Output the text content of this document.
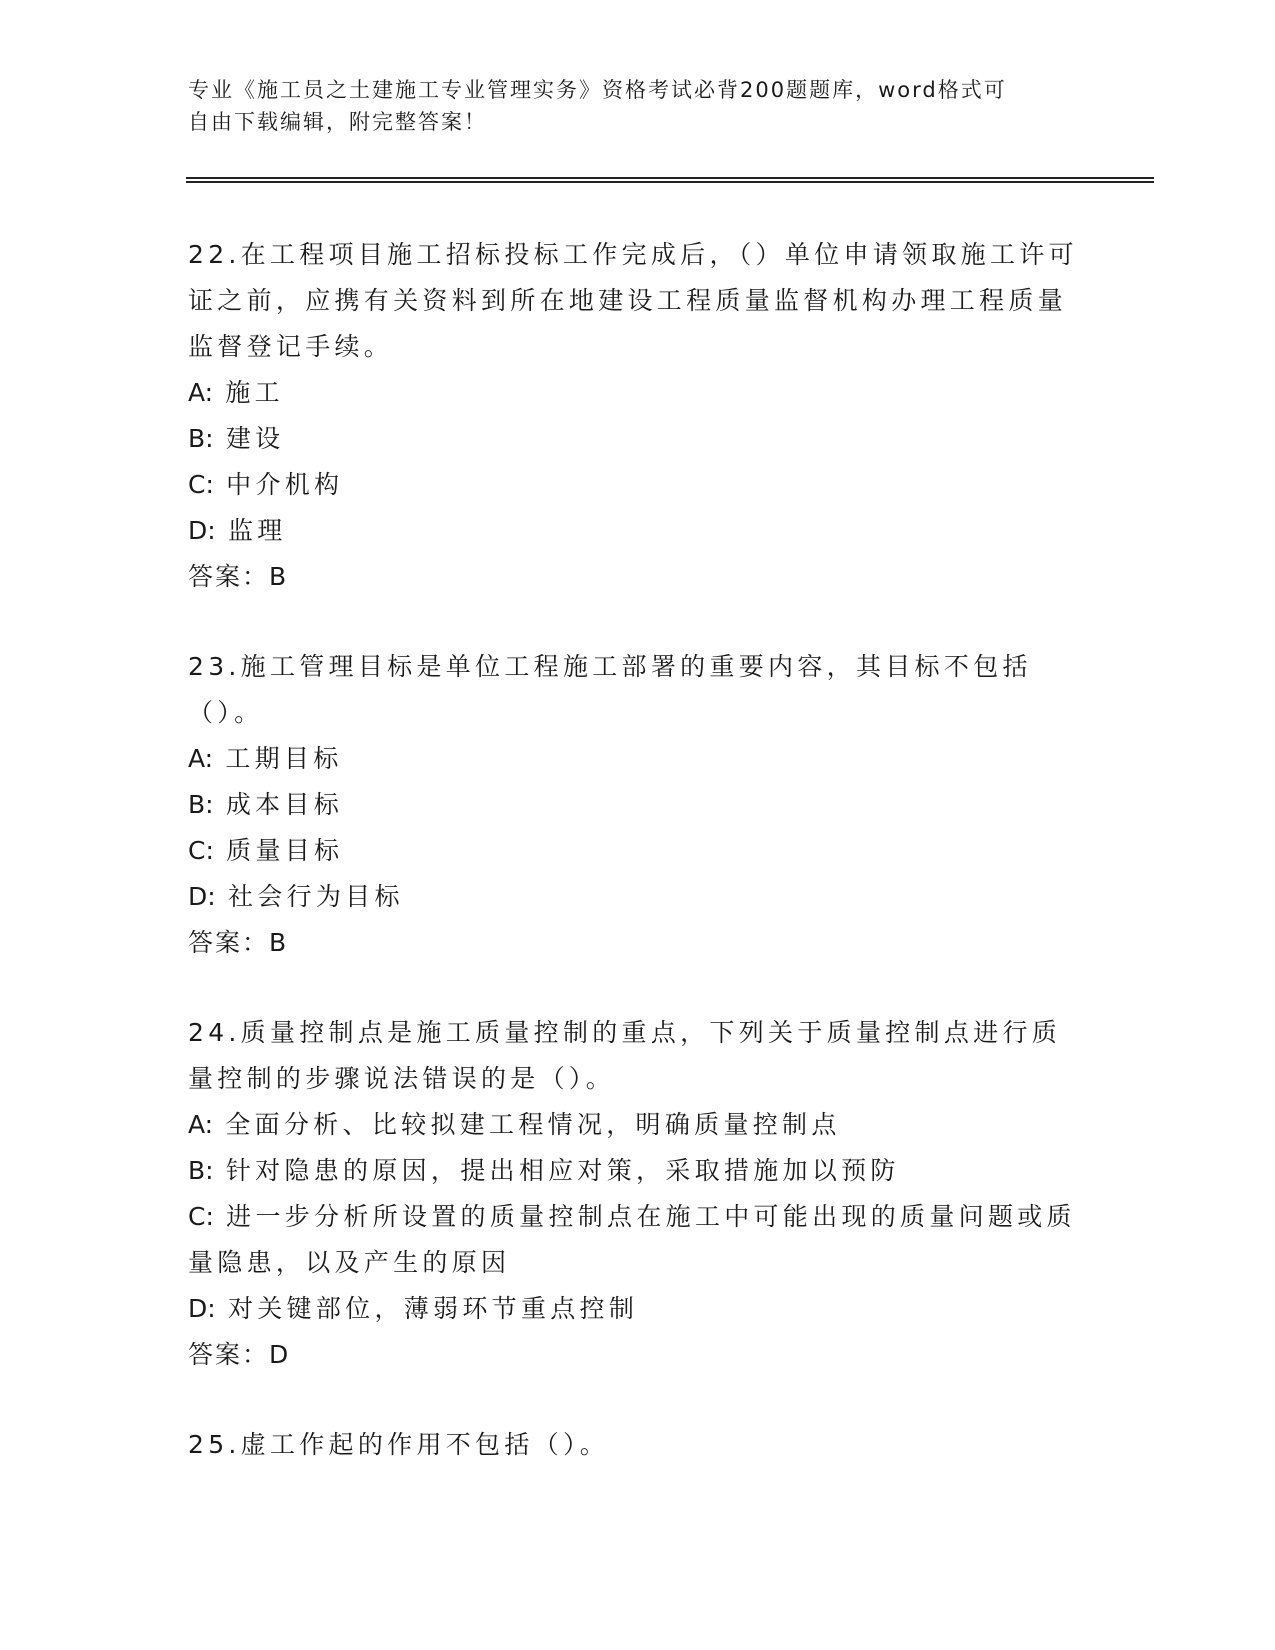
专业《施工员之土建施工专业管理实务》资格考试必背200题题库，word格式可
自由下载编辑，附完整答案！
22.在工程项目施工招标投标工作完成后，（）单位申请领取施工许可证之前，应携有关资料到所在地建设工程质量监督机构办理工程质量监督登记手续。
A: 施工
B: 建设
C: 中介机构
D: 监理
答案：B
23.施工管理目标是单位工程施工部署的重要内容，其目标不包括（）。
A: 工期目标
B: 成本目标
C: 质量目标
D: 社会行为目标
答案：B
24.质量控制点是施工质量控制的重点，下列关于质量控制点进行质量控制的步骤说法错误的是（）。
A: 全面分析、比较拟建工程情况，明确质量控制点
B: 针对隐患的原因，提出相应对策，采取措施加以预防
C: 进一步分析所设置的质量控制点在施工中可能出现的质量问题或质量隐患，以及产生的原因
D: 对关键部位，薄弱环节重点控制
答案：D
25.虚工作起的作用不包括（）。
